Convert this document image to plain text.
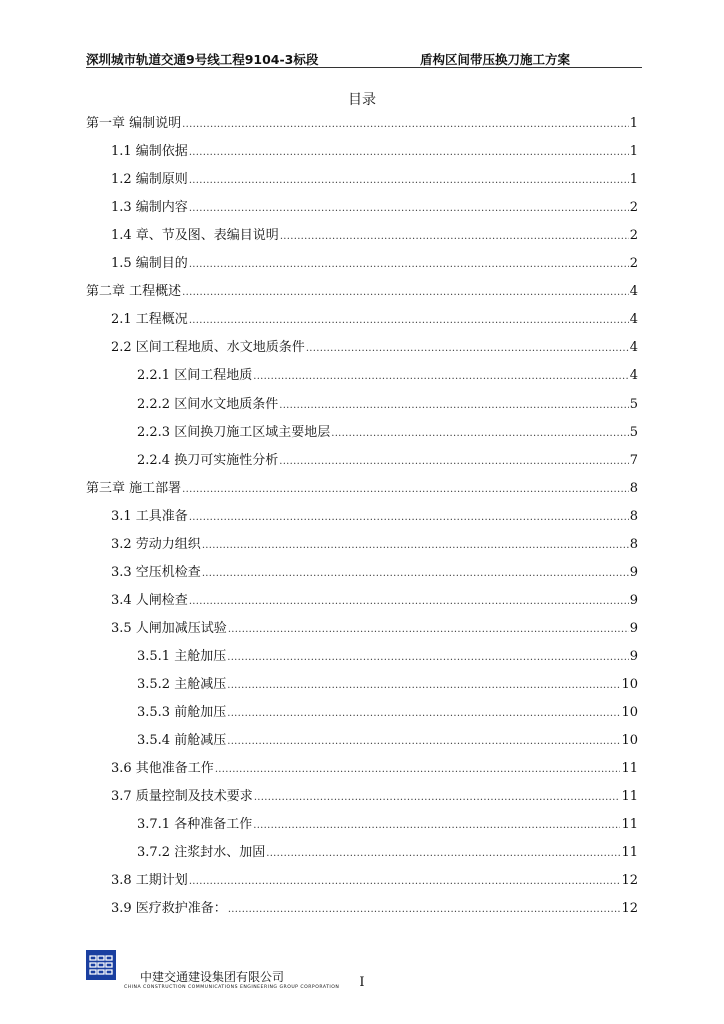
深圳城市轨道交通9号线工程9104-3标段	盾构区间带压换刀施工方案
目录
第一章 编制说明 .....	1
1.1 编制依据 .....	1
1.2 编制原则 .....	1
1.3 编制内容 .....	2
1.4 章、节及图、表编目说明 .....	2
1.5 编制目的 .....	2
第二章 工程概述 .....	4
2.1 工程概况 .....	4
2.2 区间工程地质、水文地质条件 .....	4
2.2.1 区间工程地质 .....	4
2.2.2 区间水文地质条件 .....	5
2.2.3 区间换刀施工区域主要地层 .....	5
2.2.4 换刀可实施性分析 .....	7
第三章 施工部署 .....	8
3.1 工具准备 .....	8
3.2 劳动力组织 .....	8
3.3 空压机检查 .....	9
3.4 人闸检查 .....	9
3.5 人闸加减压试验 .....	9
3.5.1 主舱加压 .....	9
3.5.2 主舱减压 .....	10
3.5.3 前舱加压 .....	10
3.5.4 前舱减压 .....	10
3.6 其他准备工作 .....	11
3.7 质量控制及技术要求 .....	11
3.7.1 各种准备工作 .....	11
3.7.2 注浆封水、加固 .....	11
3.8 工期计划 .....	12
3.9 医疗救护准备： .....	12
中建交通建设集团有限公司
CHINA CONSTRUCTION COMMUNICATIONS ENGINEERING GROUP CORPORATION	I
